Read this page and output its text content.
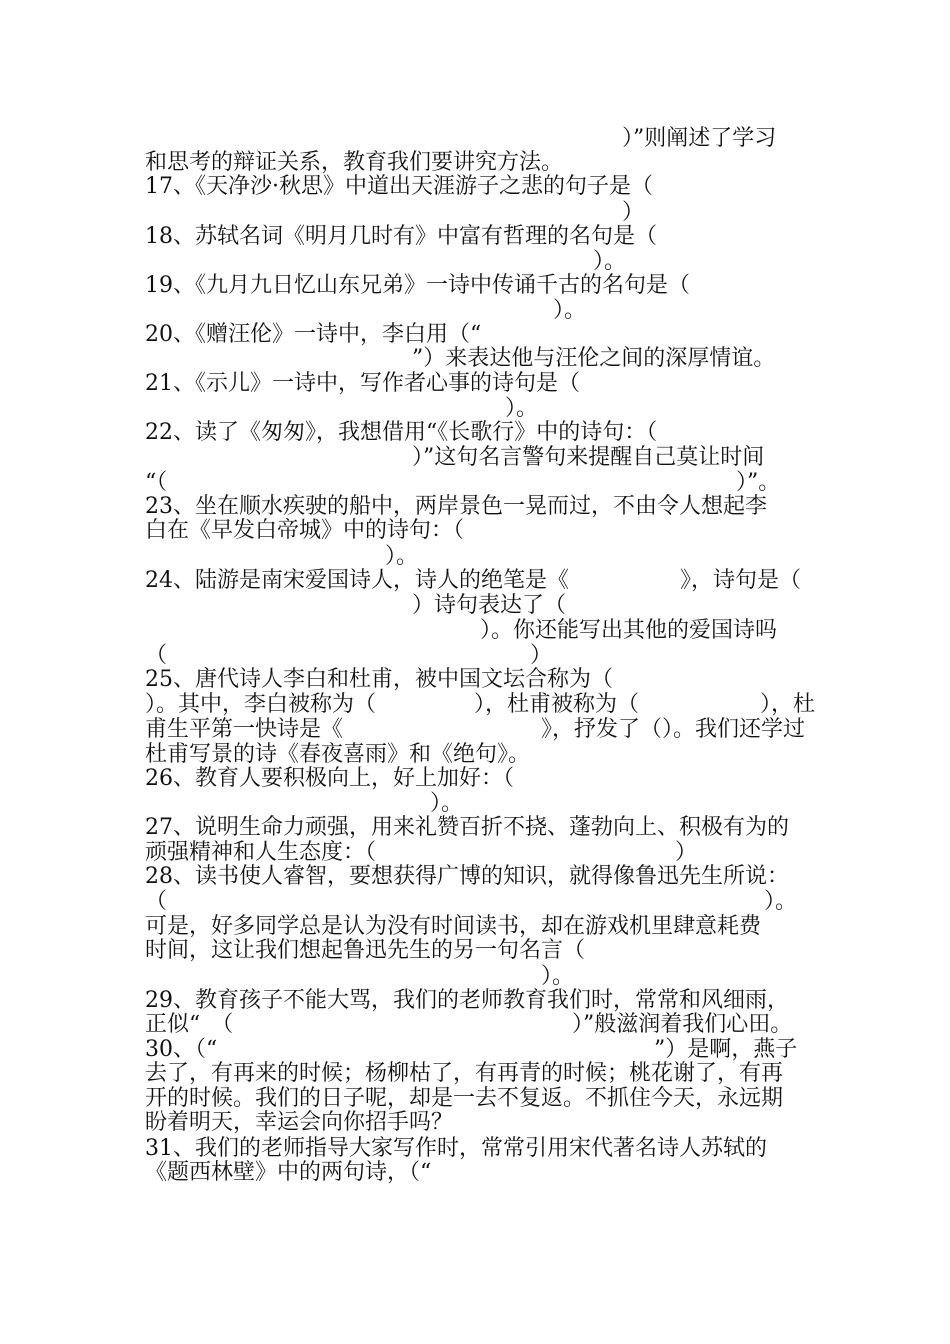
）”则阐述了学习
和思考的辩证关系，教育我们要讲究方法。
17、《天净沙·秋思》中道出天涯游子之悲的句子是（
）
18、苏轼名词《明月几时有》中富有哲理的名句是（
）。
19、《九月九日忆山东兄弟》一诗中传诵千古的名句是（
）。
20、《赠汪伦》一诗中，李白用（“
”）来表达他与汪伦之间的深厚情谊。
21、《示儿》一诗中，写作者心事的诗句是（
）。
22、读了《匆匆》，我想借用“《长歌行》中的诗句：（
）”这句名言警句来提醒自己莫让时间
“（	）”。
23、坐在顺水疾驶的船中，两岸景色一晃而过，不由令人想起李
白在《早发白帝城》中的诗句：（
）。
24、陆游是南宋爱国诗人，诗人的绝笔是《	》，诗句是（
）诗句表达了（
）。你还能写出其他的爱国诗吗
（	）
25、唐代诗人李白和杜甫，被中国文坛合称为（
）。其中，李白被称为（	），杜甫被称为（	），杜
甫生平第一快诗是《	》，抒发了（）。我们还学过
杜甫写景的诗《春夜喜雨》和《绝句》。
26、教育人要积极向上，好上加好：（
）。
27、说明生命力顽强，用来礼赞百折不挠、蓬勃向上、积极有为的
顽强精神和人生态度：（	）
28、读书使人睿智，要想获得广博的知识，就得像鲁迅先生所说：
（	）。
可是，好多同学总是认为没有时间读书，却在游戏机里肆意耗费
时间，这让我们想起鲁迅先生的另一句名言（
）。
29、教育孩子不能大骂，我们的老师教育我们时，常常和风细雨，
正似“　（	）”般滋润着我们心田。
30、（“	”）是啊，燕子
去了，有再来的时候；杨柳枯了，有再青的时候；桃花谢了，有再
开的时候。我们的日子呢，却是一去不复返。不抓住今天，永远期
盼着明天，幸运会向你招手吗？
31、我们的老师指导大家写作时，常常引用宋代著名诗人苏轼的
《题西林壁》中的两句诗，（“
